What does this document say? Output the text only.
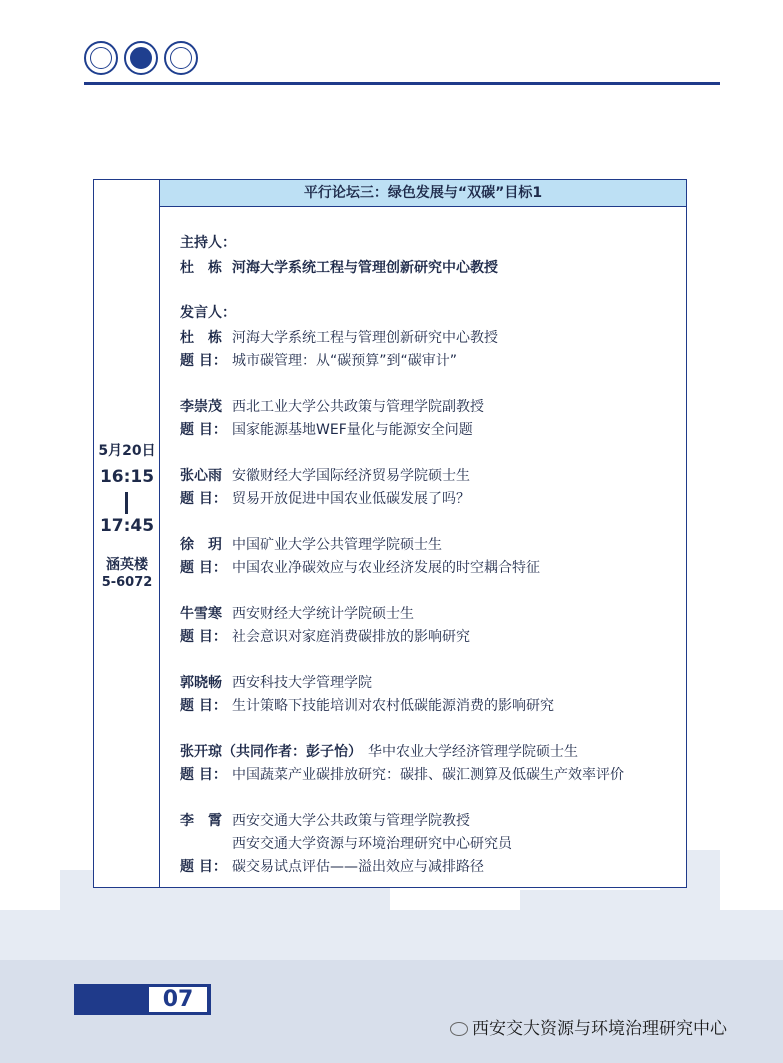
5月20日
16:15
17:45
涵英楼
5-6072
平行论坛三：绿色发展与“双碳”目标1
主持人：
杜　栋 河海大学系统工程与管理创新研究中心教授
发言人：
杜　栋 河海大学系统工程与管理创新研究中心教授
题 目： 城市碳管理：从“碳预算”到“碳审计”
李崇茂 西北工业大学公共政策与管理学院副教授
题 目： 国家能源基地WEF量化与能源安全问题
张心雨 安徽财经大学国际经济贸易学院硕士生
题 目： 贸易开放促进中国农业低碳发展了吗？
徐　玥 中国矿业大学公共管理学院硕士生
题 目： 中国农业净碳效应与农业经济发展的时空耦合特征
牛雪寒 西安财经大学统计学院硕士生
题 目： 社会意识对家庭消费碳排放的影响研究
郭晓畅 西安科技大学管理学院
题 目： 生计策略下技能培训对农村低碳能源消费的影响研究
张开琼（共同作者：彭子怡） 华中农业大学经济管理学院硕士生
题 目： 中国蔬菜产业碳排放研究：碳排、碳汇测算及低碳生产效率评价
李　霄 西安交通大学公共政策与管理学院教授
西安交通大学资源与环境治理研究中心研究员
题 目： 碳交易试点评估——溢出效应与减排路径
07
西安交大资源与环境治理研究中心
